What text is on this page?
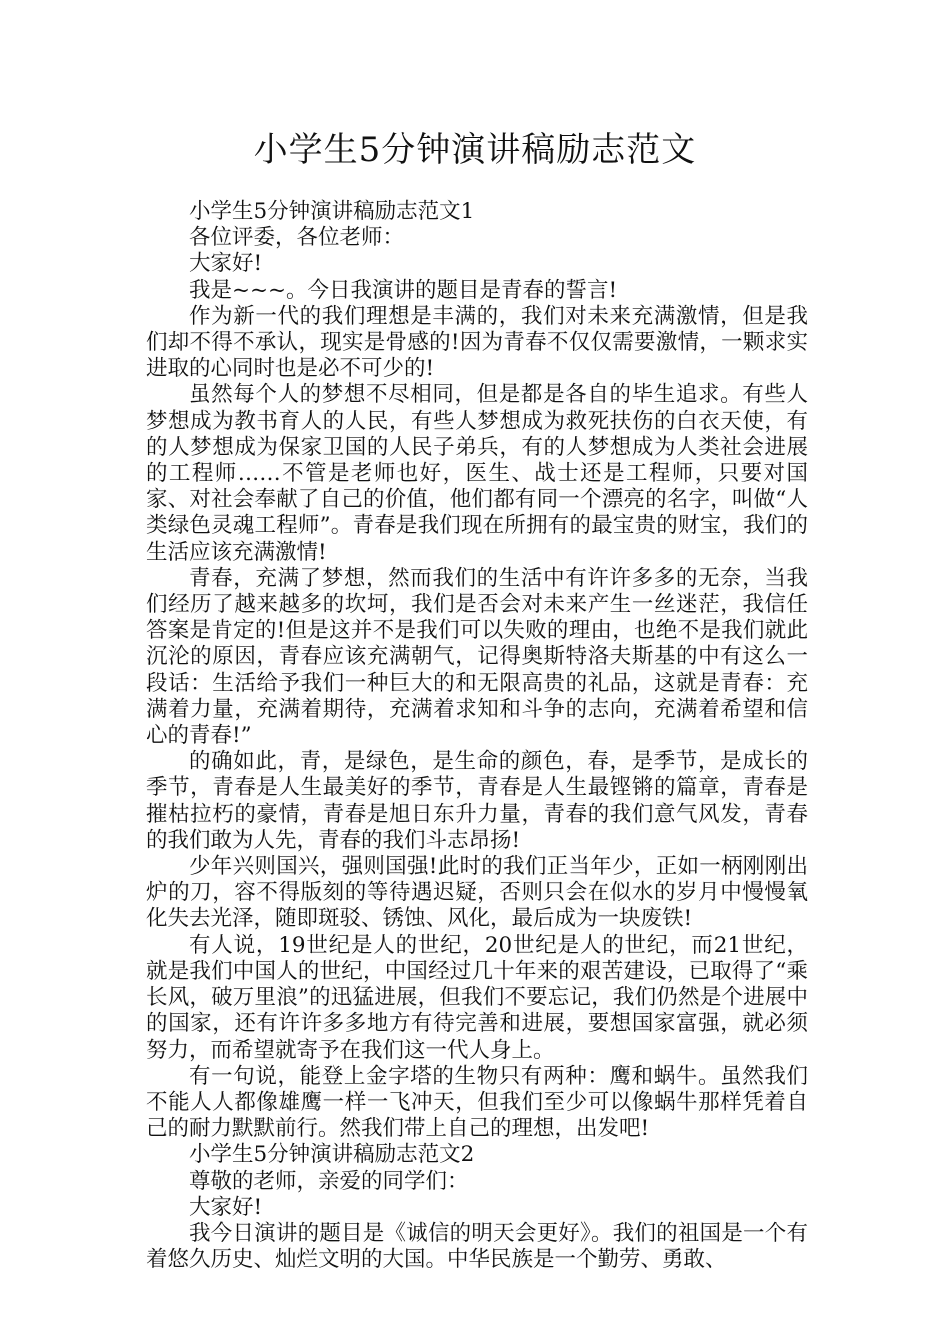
小学生5分钟演讲稿励志范文

小学生5分钟演讲稿励志范文1

各位评委，各位老师：

大家好!

我是~~~。今日我演讲的题目是青春的誓言!

作为新一代的我们理想是丰满的，我们对未来充满激情，但是我们却不得不承认，现实是骨感的!因为青春不仅仅需要激情，一颗求实进取的心同时也是必不可少的!

虽然每个人的梦想不尽相同，但是都是各自的毕生追求。有些人梦想成为教书育人的人民，有些人梦想成为救死扶伤的白衣天使，有的人梦想成为保家卫国的人民子弟兵，有的人梦想成为人类社会进展的工程师……不管是老师也好，医生、战士还是工程师，只要对国家、对社会奉献了自己的价值，他们都有同一个漂亮的名字，叫做“人类绿色灵魂工程师”。青春是我们现在所拥有的最宝贵的财宝，我们的生活应该充满激情!

青春，充满了梦想，然而我们的生活中有许许多多的无奈，当我们经历了越来越多的坎坷，我们是否会对未来产生一丝迷茫，我信任答案是肯定的!但是这并不是我们可以失败的理由，也绝不是我们就此沉沦的原因，青春应该充满朝气，记得奥斯特洛夫斯基的中有这么一段话：生活给予我们一种巨大的和无限高贵的礼品，这就是青春：充满着力量，充满着期待，充满着求知和斗争的志向，充满着希望和信心的青春!”

的确如此，青，是绿色，是生命的颜色，春，是季节，是成长的季节，青春是人生最美好的季节，青春是人生最铿锵的篇章，青春是摧枯拉朽的豪情，青春是旭日东升力量，青春的我们意气风发，青春的我们敢为人先，青春的我们斗志昂扬!

少年兴则国兴，强则国强!此时的我们正当年少，正如一柄刚刚出炉的刀，容不得版刻的等待遇迟疑，否则只会在似水的岁月中慢慢氧化失去光泽，随即斑驳、锈蚀、风化，最后成为一块废铁!

有人说，19世纪是人的世纪，20世纪是人的世纪，而21世纪，就是我们中国人的世纪，中国经过几十年来的艰苦建设，已取得了“乘长风，破万里浪”的迅猛进展，但我们不要忘记，我们仍然是个进展中的国家，还有许许多多地方有待完善和进展，要想国家富强，就必须努力，而希望就寄予在我们这一代人身上。

有一句说，能登上金字塔的生物只有两种：鹰和蜗牛。虽然我们不能人人都像雄鹰一样一飞冲天，但我们至少可以像蜗牛那样凭着自己的耐力默默前行。然我们带上自己的理想，出发吧!

小学生5分钟演讲稿励志范文2

尊敬的老师，亲爱的同学们：

大家好!

我今日演讲的题目是《诚信的明天会更好》。我们的祖国是一个有着悠久历史、灿烂文明的大国。中华民族是一个勤劳、勇敢、
